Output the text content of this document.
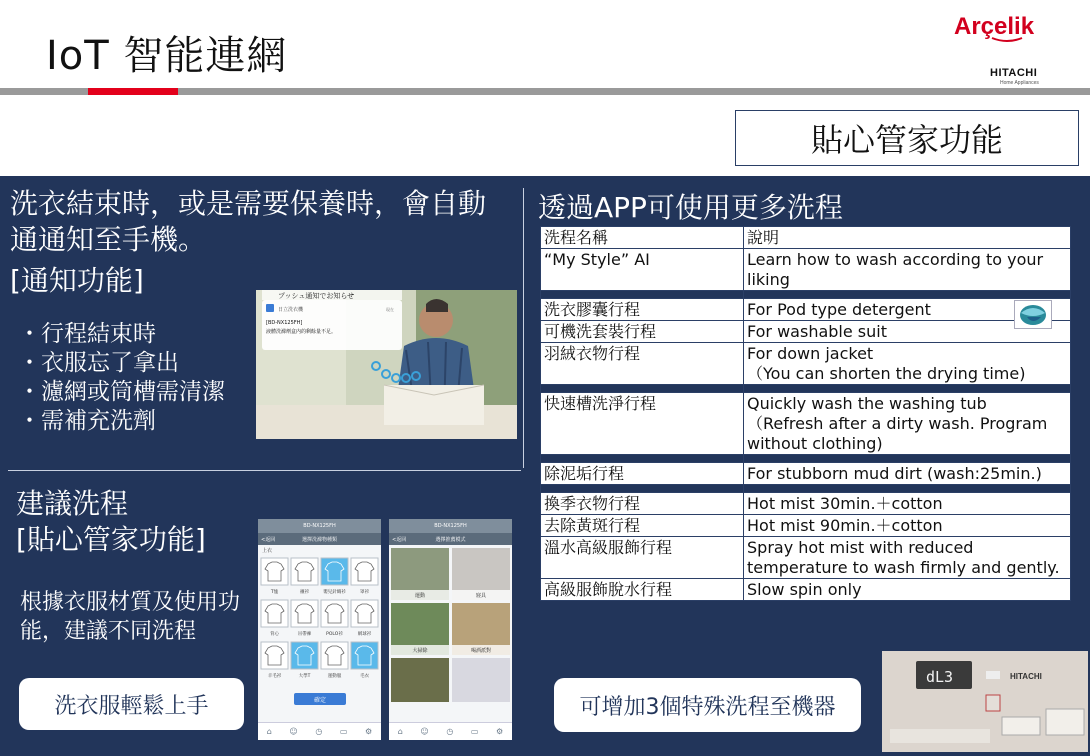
IoT 智能連網
Arçelik
HITACHI
Home Appliances
貼心管家功能
洗衣結束時，或是需要保養時，會自動通通知至手機。
[通知功能]
・行程結束時
・衣服忘了拿出
・濾網或筒槽需清潔
・需補充洗劑
プッシュ通知でお知らせ
日立洗衣機	現在
[BD-NX125FH]
液體洗滌劑盒内的剩餘量不足。
建議洗程
[貼心管家功能]
根據衣服材質及使用功能，建議不同洗程
洗衣服輕鬆上手
BD-NX125FH
<返回	選擇洗滌物種類
上衣
T恤	襯衫	嬰兒針織衫	罩衫
背心	吊帶褲	POLO衫	網球衫
羊毛衫	大學T	運動服	毛衣
確定
⌂ ☺ ◷ ▭ ⚙
BD-NX125FH
<返回	選擇推薦模式
運動	寢具
大掃除	喝酒派對
⌂ ☺ ◷ ▭ ⚙
透過APP可使用更多洗程
洗程名稱	說明
“My Style” AI	Learn how to wash according to your liking

洗衣膠囊行程	For Pod type detergent
可機洗套裝行程	For washable suit
羽絨衣物行程	For down jacket
（You can shorten the drying time)

快速槽洗淨行程	Quickly wash the washing tub
（Refresh after a dirty wash. Program without clothing)

除泥垢行程	For stubborn mud dirt (wash:25min.)

換季衣物行程	Hot mist 30min.＋cotton
去除黃斑行程	Hot mist 90min.＋cotton
溫水高級服飾行程	Spray hot mist with reduced temperature to wash firmly and gently.
高級服飾脫水行程	Slow spin only
可增加3個特殊洗程至機器
dL3	HITACHI
